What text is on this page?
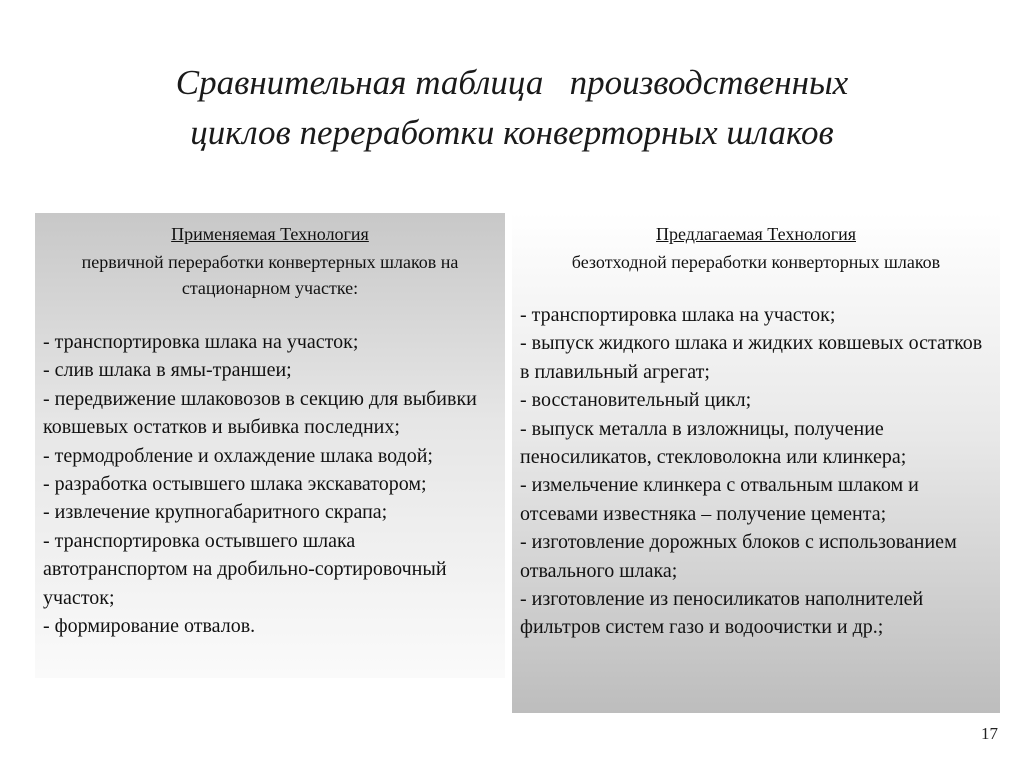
Сравнительная таблица   производственных
циклов переработки конверторных шлаков
Применяемая Технология
первичной переработки конвертерных шлаков на стационарном участке:
- транспортировка шлака на участок;
- слив шлака в ямы-траншеи;
- передвижение шлаковозов в секцию для выбивки ковшевых остатков и выбивка последних;
- термодробление и охлаждение шлака водой;
- разработка остывшего шлака экскаватором;
- извлечение крупногабаритного скрапа;
- транспортировка остывшего шлака автотранспортом на дробильно-сортировочный участок;
- формирование отвалов.
Предлагаемая Технология
безотходной переработки конверторных шлаков
- транспортировка шлака на участок;
- выпуск жидкого шлака и жидких ковшевых остатков в плавильный агрегат;
- восстановительный цикл;
- выпуск металла в изложницы, получение пеносиликатов, стекловолокна или клинкера;
- измельчение клинкера с отвальным шлаком и отсевами известняка – получение цемента;
- изготовление дорожных блоков с использованием отвального шлака;
- изготовление из пеносиликатов наполнителей фильтров систем газо и водоочистки и др.;
17
